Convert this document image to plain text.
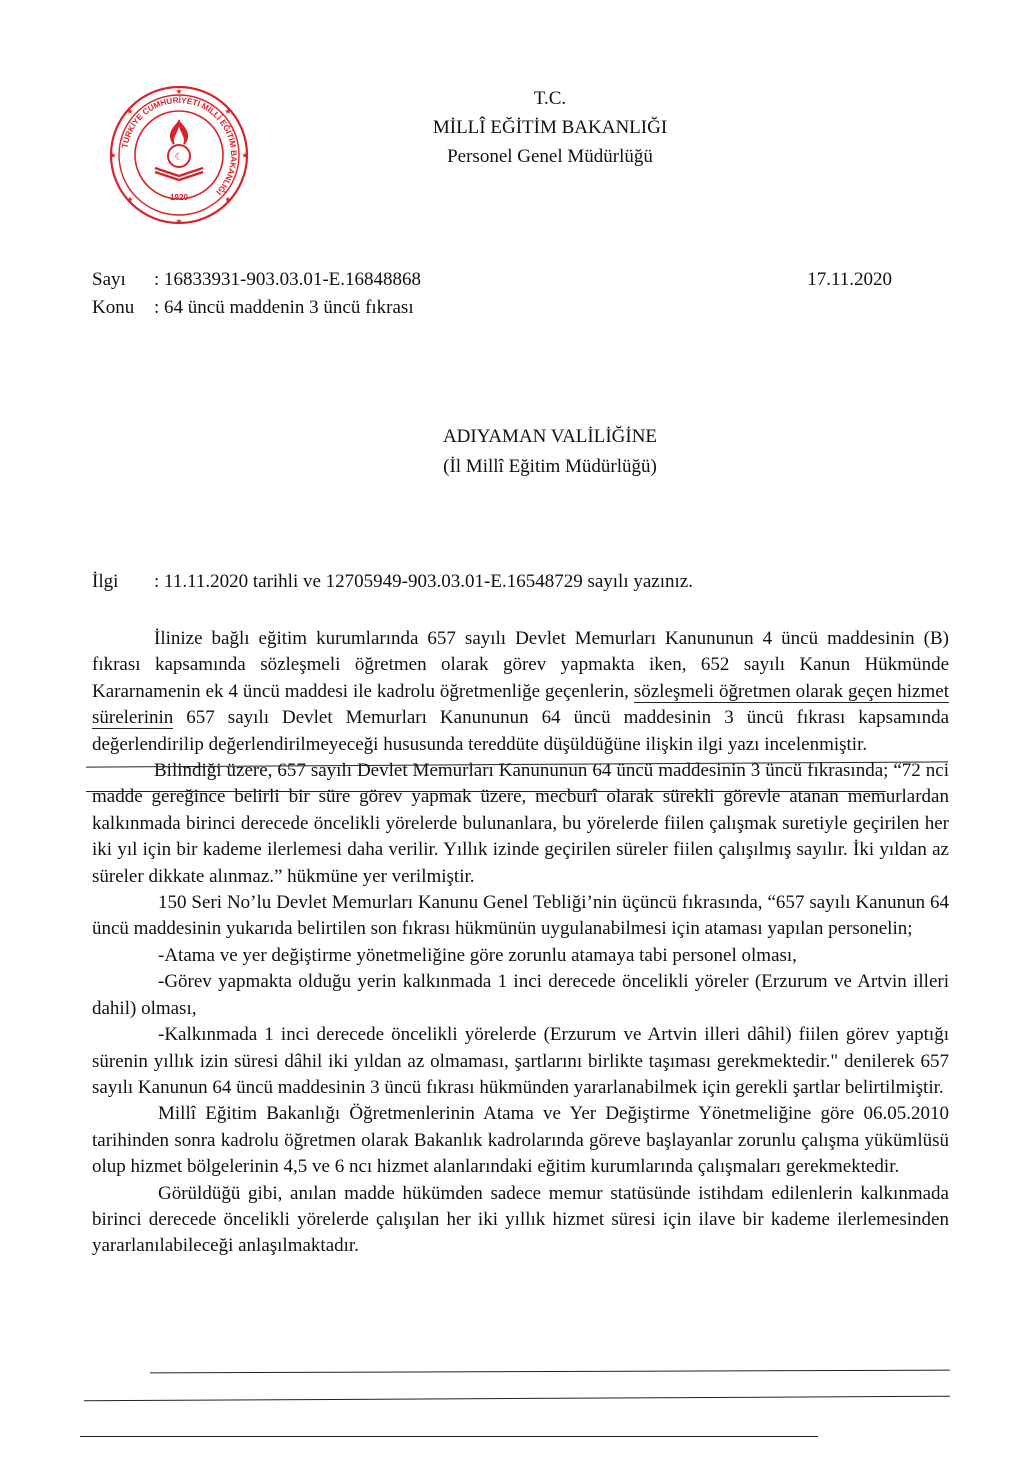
★
★
★
★
★
★
★
★
TÜRKİYE CUMHURİYETİ MİLLÎ EĞİTİM BAKANLIĞI
☾
1920
T.C.
MİLLÎ EĞİTİM BAKANLIĞI
Personel Genel Müdürlüğü
Sayı	: 16833931-903.03.01-E.16848868	17.11.2020
Konu	: 64 üncü maddenin 3 üncü fıkrası
ADIYAMAN VALİLİĞİNE
(İl Millî Eğitim Müdürlüğü)
İlgi : 11.11.2020 tarihli ve 12705949-903.03.01-E.16548729 sayılı yazınız.

İlinize bağlı eğitim kurumlarında 657 sayılı Devlet Memurları Kanununun 4 üncü maddesinin (B) fıkrası kapsamında sözleşmeli öğretmen olarak görev yapmakta iken, 652 sayılı Kanun Hükmünde Kararnamenin ek 4 üncü maddesi ile kadrolu öğretmenliğe geçenlerin, sözleşmeli öğretmen olarak geçen hizmet sürelerinin 657 sayılı Devlet Memurları Kanununun 64 üncü maddesinin 3 üncü fıkrası kapsamında değerlendirilip değerlendirilmeyeceği hususunda tereddüte düşüldüğüne ilişkin ilgi yazı incelenmiştir.

Bilindiği üzere, 657 sayılı Devlet Memurları Kanununun 64 üncü maddesinin 3 üncü fıkrasında; “72 nci madde gereğince belirli bir süre görev yapmak üzere, mecburî olarak sürekli görevle atanan memurlardan kalkınmada birinci derecede öncelikli yörelerde bulunanlara, bu yörelerde fiilen çalışmak suretiyle geçirilen her iki yıl için bir kademe ilerlemesi daha verilir. Yıllık izinde geçirilen süreler fiilen çalışılmış sayılır. İki yıldan az süreler dikkate alınmaz.” hükmüne yer verilmiştir.

150 Seri No’lu Devlet Memurları Kanunu Genel Tebliği’nin üçüncü fıkrasında, “657 sayılı Kanunun 64 üncü maddesinin yukarıda belirtilen son fıkrası hükmünün uygulanabilmesi için ataması yapılan personelin;

-Atama ve yer değiştirme yönetmeliğine göre zorunlu atamaya tabi personel olması,

-Görev yapmakta olduğu yerin kalkınmada 1 inci derecede öncelikli yöreler (Erzurum ve Artvin illeri dahil) olması,

-Kalkınmada 1 inci derecede öncelikli yörelerde (Erzurum ve Artvin illeri dâhil) fiilen görev yaptığı sürenin yıllık izin süresi dâhil iki yıldan az olmaması, şartlarını birlikte taşıması gerekmektedir." denilerek 657 sayılı Kanunun 64 üncü maddesinin 3 üncü fıkrası hükmünden yararlanabilmek için gerekli şartlar belirtilmiştir.

Millî Eğitim Bakanlığı Öğretmenlerinin Atama ve Yer Değiştirme Yönetmeliğine göre 06.05.2010 tarihinden sonra kadrolu öğretmen olarak Bakanlık kadrolarında göreve başlayanlar zorunlu çalışma yükümlüsü olup hizmet bölgelerinin 4,5 ve 6 ncı hizmet alanlarındaki eğitim kurumlarında çalışmaları gerekmektedir.

Görüldüğü gibi, anılan madde hükümden sadece memur statüsünde istihdam edilenlerin kalkınmada birinci derecede öncelikli yörelerde çalışılan her iki yıllık hizmet süresi için ilave bir kademe ilerlemesinden yararlanılabileceği anlaşılmaktadır.
